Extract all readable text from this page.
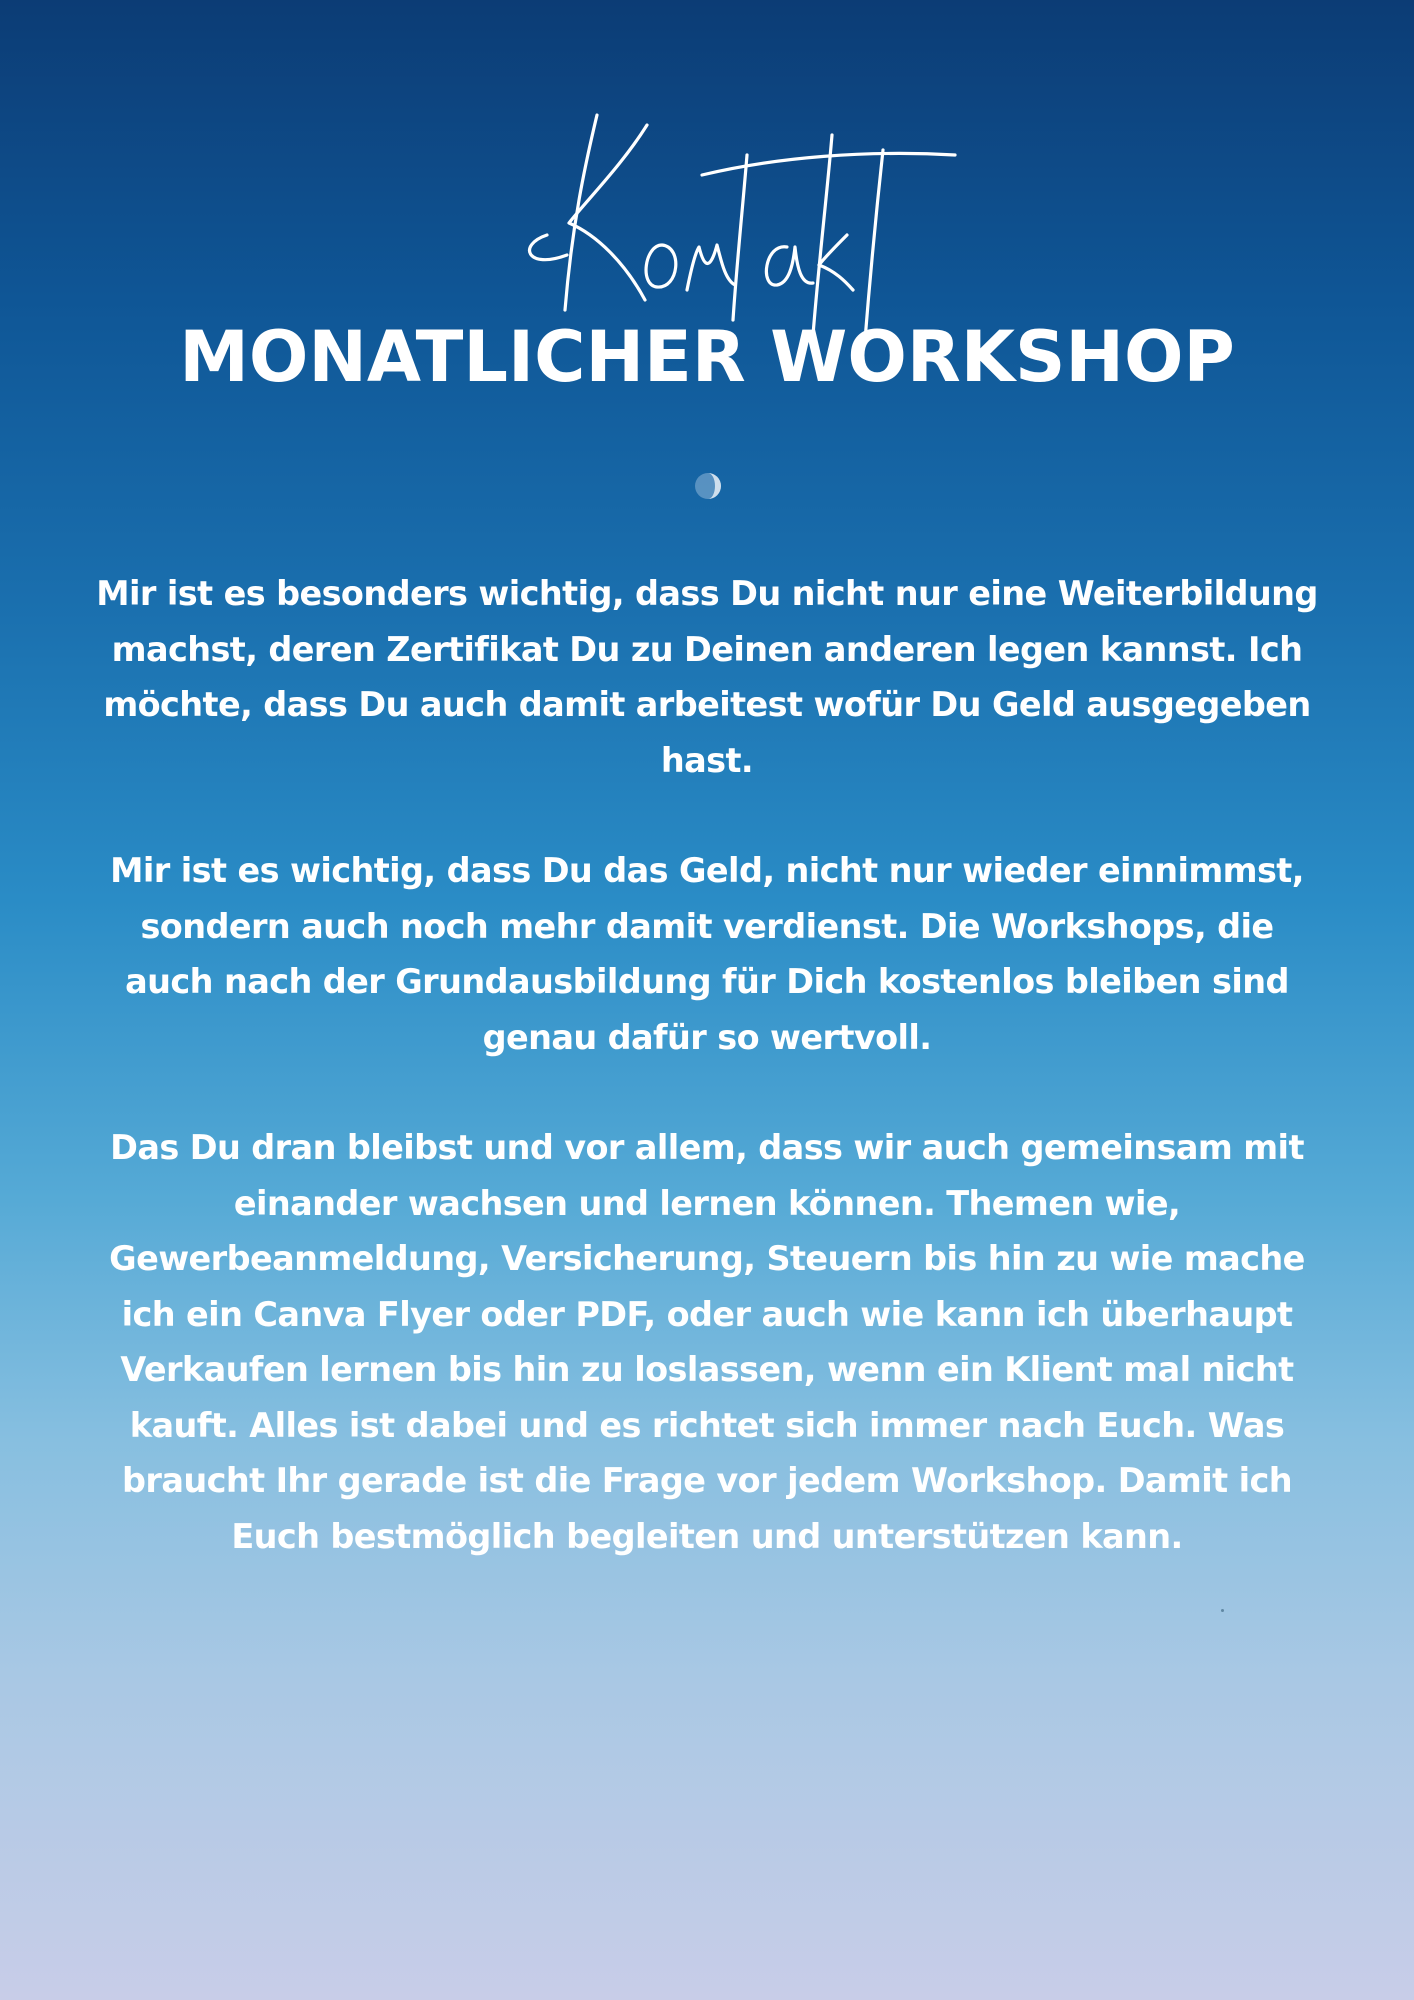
MONATLICHER WORKSHOP

Mir ist es besonders wichtig, dass Du nicht nur eine Weiterbildung machst, deren Zertifikat Du zu Deinen anderen legen kannst. Ich möchte, dass Du auch damit arbeitest wofür Du Geld ausgegeben hast.

Mir ist es wichtig, dass Du das Geld, nicht nur wieder einnimmst, sondern auch noch mehr damit verdienst. Die Workshops, die auch nach der Grundausbildung für Dich kostenlos bleiben sind genau dafür so wertvoll.

Das Du dran bleibst und vor allem, dass wir auch gemeinsam mit einander wachsen und lernen können. Themen wie, Gewerbeanmeldung, Versicherung, Steuern bis hin zu wie mache ich ein Canva Flyer oder PDF, oder auch wie kann ich überhaupt Verkaufen lernen bis hin zu loslassen, wenn ein Klient mal nicht kauft. Alles ist dabei und es richtet sich immer nach Euch. Was braucht Ihr gerade ist die Frage vor jedem Workshop. Damit ich Euch bestmöglich begleiten und unterstützen kann.
